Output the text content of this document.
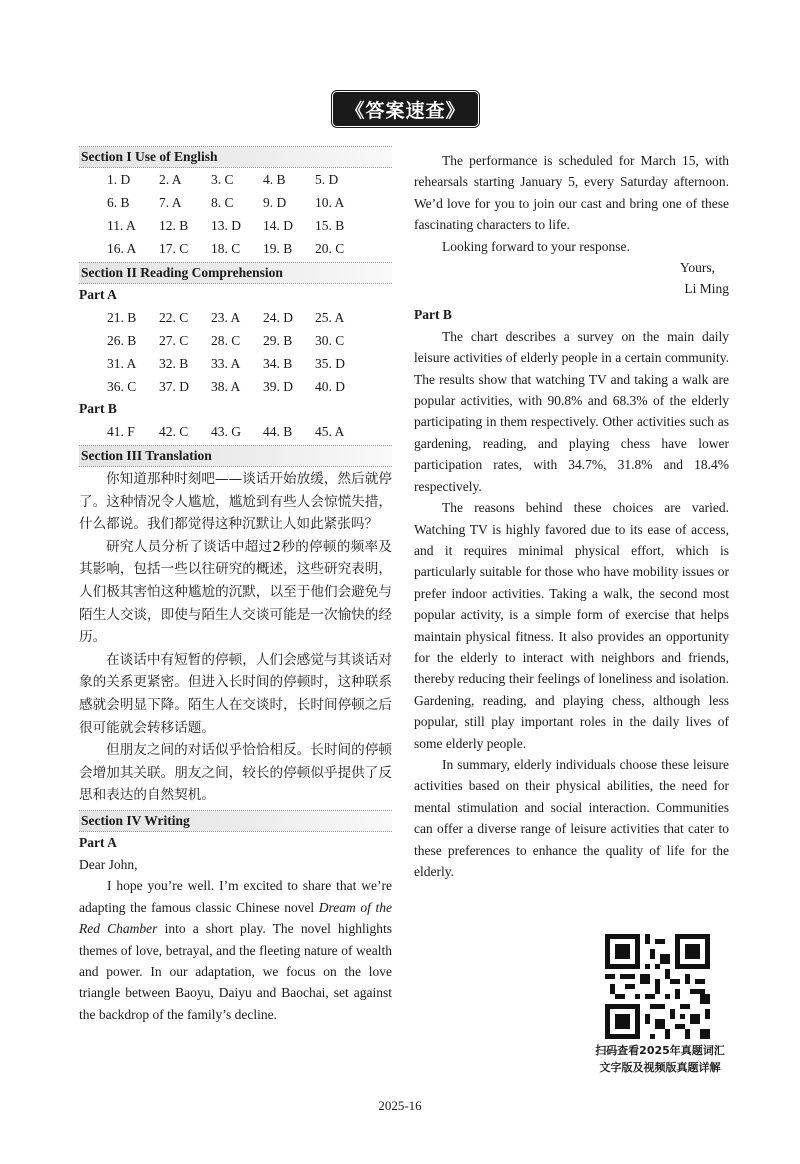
《答案速查》
Section I Use of English
1. D	2. A	3. C	4. B	5. D
6. B	7. A	8. C	9. D	10. A
11. A	12. B	13. D	14. D	15. B
16. A	17. C	18. C	19. B	20. C
Section II Reading Comprehension
Part A
21. B	22. C	23. A	24. D	25. A
26. B	27. C	28. C	29. B	30. C
31. A	32. B	33. A	34. B	35. D
36. C	37. D	38. A	39. D	40. D
Part B
41. F	42. C	43. G	44. B	45. A
Section III Translation

你知道那种时刻吧——谈话开始放缓，然后就停了。这种情况令人尴尬，尴尬到有些人会惊慌失措，什么都说。我们都觉得这种沉默让人如此紧张吗？

研究人员分析了谈话中超过2秒的停顿的频率及其影响，包括一些以往研究的概述，这些研究表明，人们极其害怕这种尴尬的沉默，以至于他们会避免与陌生人交谈，即使与陌生人交谈可能是一次愉快的经历。

在谈话中有短暂的停顿，人们会感觉与其谈话对象的关系更紧密。但进入长时间的停顿时，这种联系感就会明显下降。陌生人在交谈时，长时间停顿之后很可能就会转移话题。

但朋友之间的对话似乎恰恰相反。长时间的停顿会增加其关联。朋友之间，较长的停顿似乎提供了反思和表达的自然契机。

Section IV Writing
Part A

Dear John,

I hope you’re well. I’m excited to share that we’re adapting the famous classic Chinese novel Dream of the Red Chamber into a short play. The novel highlights themes of love, betrayal, and the fleeting nature of wealth and power. In our adaptation, we focus on the love triangle between Baoyu, Daiyu and Baochai, set against the backdrop of the family’s decline.

The performance is scheduled for March 15, with rehearsals starting January 5, every Saturday afternoon. We’d love for you to join our cast and bring one of these fascinating characters to life.

Looking forward to your response.

Yours,

Li Ming

Part B

The chart describes a survey on the main daily leisure activities of elderly people in a certain community. The results show that watching TV and taking a walk are popular activities, with 90.8% and 68.3% of the elderly participating in them respectively. Other activities such as gardening, reading, and playing chess have lower participation rates, with 34.7%, 31.8% and 18.4% respectively.

The reasons behind these choices are varied. Watching TV is highly favored due to its ease of access, and it requires minimal physical effort, which is particularly suitable for those who have mobility issues or prefer indoor activities. Taking a walk, the second most popular activity, is a simple form of exercise that helps maintain physical fitness. It also provides an opportunity for the elderly to interact with neighbors and friends, thereby reducing their feelings of loneliness and isolation. Gardening, reading, and playing chess, although less popular, still play important roles in the daily lives of some elderly people.

In summary, elderly individuals choose these leisure activities based on their physical abilities, the need for mental stimulation and social interaction. Communities can offer a diverse range of leisure activities that cater to these preferences to enhance the quality of life for the elderly.

扫码查看2025年真题词汇
文字版及视频版真题详解
2025-16
